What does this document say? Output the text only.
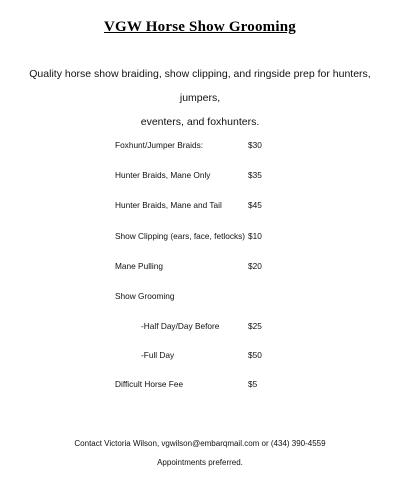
VGW Horse Show Grooming
Quality horse show braiding, show clipping, and ringside prep for hunters, jumpers,
eventers, and foxhunters.
Foxhunt/Jumper Braids:	$30
Hunter Braids, Mane Only	$35
Hunter Braids, Mane and Tail	$45
Show Clipping (ears, face, fetlocks) $10
Mane Pulling	$20
Show Grooming
-Half Day/Day Before	$25
-Full Day	$50
Difficult Horse Fee	$5
Contact Victoria Wilson, vgwilson@embarqmail.com or (434) 390-4559
Appointments preferred.
